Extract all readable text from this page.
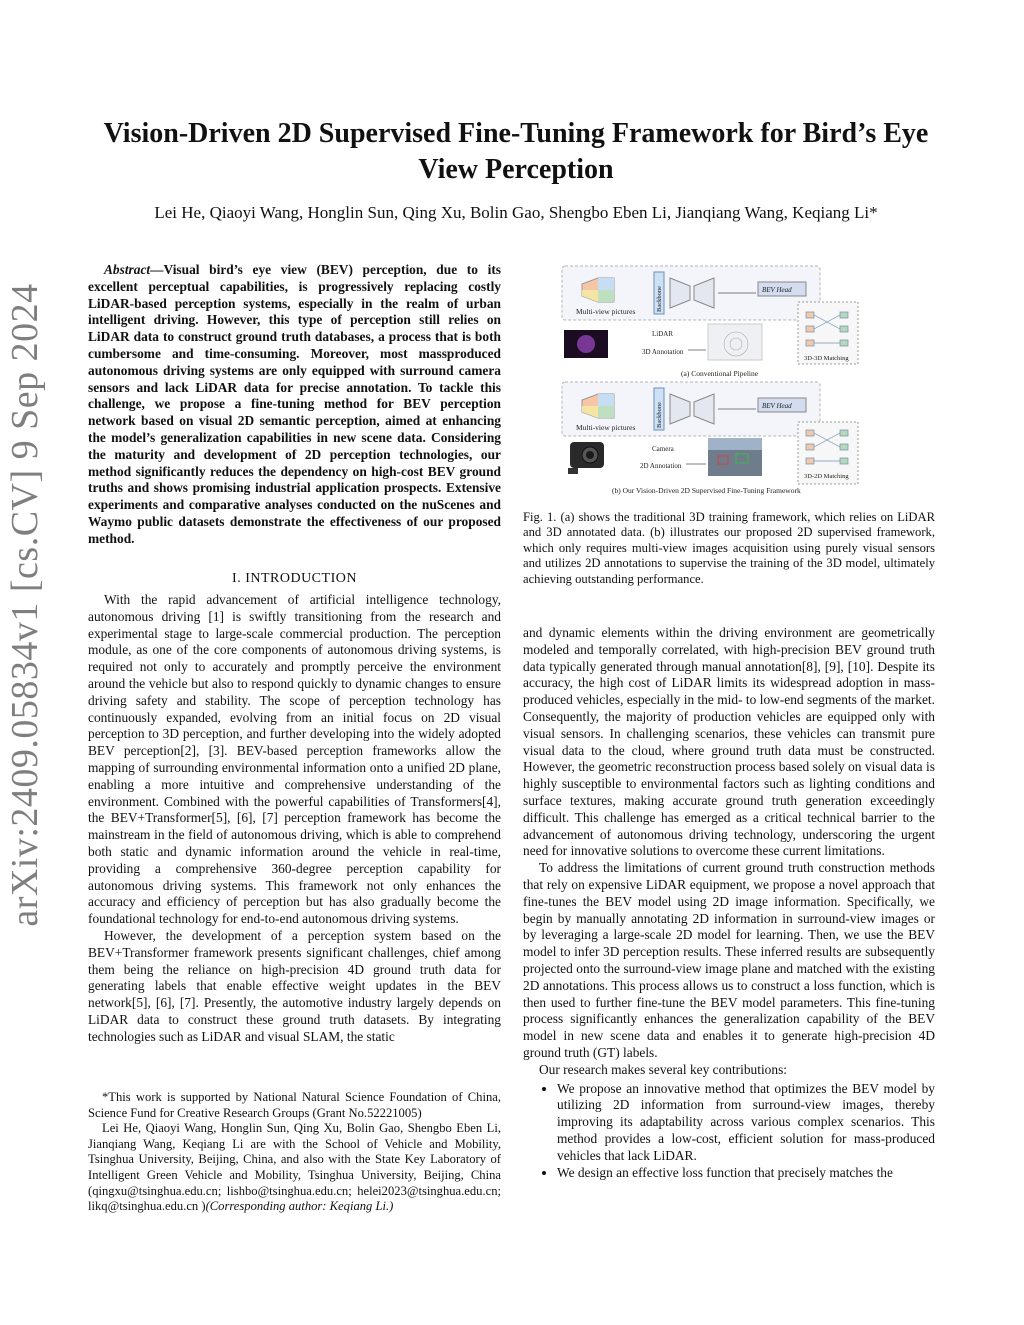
arXiv:2409.05834v1 [cs.CV] 9 Sep 2024
Vision-Driven 2D Supervised Fine-Tuning Framework for Bird’s Eye View Perception
Lei He, Qiaoyi Wang, Honglin Sun, Qing Xu, Bolin Gao, Shengbo Eben Li, Jianqiang Wang, Keqiang Li*

Abstract—Visual bird’s eye view (BEV) perception, due to its excellent perceptual capabilities, is progressively replacing costly LiDAR-based perception systems, especially in the realm of urban intelligent driving. However, this type of perception still relies on LiDAR data to construct ground truth databases, a process that is both cumbersome and time-consuming. Moreover, most massproduced autonomous driving systems are only equipped with surround camera sensors and lack LiDAR data for precise annotation. To tackle this challenge, we propose a fine-tuning method for BEV perception network based on visual 2D semantic perception, aimed at enhancing the model’s generalization capabilities in new scene data. Considering the maturity and development of 2D perception technologies, our method significantly reduces the dependency on high-cost BEV ground truths and shows promising industrial application prospects. Extensive experiments and comparative analyses conducted on the nuScenes and Waymo public datasets demonstrate the effectiveness of our proposed method.

I. INTRODUCTION

With the rapid advancement of artificial intelligence technology, autonomous driving [1] is swiftly transitioning from the research and experimental stage to large-scale commercial production. The perception module, as one of the core components of autonomous driving systems, is required not only to accurately and promptly perceive the environment around the vehicle but also to respond quickly to dynamic changes to ensure driving safety and stability. The scope of perception technology has continuously expanded, evolving from an initial focus on 2D visual perception to 3D perception, and further developing into the widely adopted BEV perception[2], [3]. BEV-based perception frameworks allow the mapping of surrounding environmental information onto a unified 2D plane, enabling a more intuitive and comprehensive understanding of the environment. Combined with the powerful capabilities of Transformers[4], the BEV+Transformer[5], [6], [7] perception framework has become the mainstream in the field of autonomous driving, which is able to comprehend both static and dynamic information around the vehicle in real-time, providing a comprehensive 360-degree perception capability for autonomous driving systems. This framework not only enhances the accuracy and efficiency of perception but has also gradually become the foundational technology for end-to-end autonomous driving systems.

However, the development of a perception system based on the BEV+Transformer framework presents significant challenges, chief among them being the reliance on high-precision 4D ground truth data for generating labels that enable effective weight updates in the BEV network[5], [6], [7]. Presently, the automotive industry largely depends on LiDAR data to construct these ground truth datasets. By integrating technologies such as LiDAR and visual SLAM, the static

*This work is supported by National Natural Science Foundation of China, Science Fund for Creative Research Groups (Grant No.52221005)

Lei He, Qiaoyi Wang, Honglin Sun, Qing Xu, Bolin Gao, Shengbo Eben Li, Jianqiang Wang, Keqiang Li are with the School of Vehicle and Mobility, Tsinghua University, Beijing, China, and also with the State Key Laboratory of Intelligent Green Vehicle and Mobility, Tsinghua University, Beijing, China (qingxu@tsinghua.edu.cn; lishbo@tsinghua.edu.cn; helei2023@tsinghua.edu.cn; likq@tsinghua.edu.cn )(Corresponding author: Keqiang Li.)

Multi-view pictures	Backbone	BEV Head
LiDAR
3D Annotation
3D-3D Matching
(a) Conventional Pipeline
Multi-view pictures	Backbone	BEV Head
Camera
2D Annotation
3D-2D Matching
(b) Our Vision-Driven 2D Supervised Fine-Tuning Framework
Fig. 1. (a) shows the traditional 3D training framework, which relies on LiDAR and 3D annotated data. (b) illustrates our proposed 2D supervised framework, which only requires multi-view images acquisition using purely visual sensors and utilizes 2D annotations to supervise the training of the 3D model, ultimately achieving outstanding performance.

and dynamic elements within the driving environment are geometrically modeled and temporally correlated, with high-precision BEV ground truth data typically generated through manual annotation[8], [9], [10]. Despite its accuracy, the high cost of LiDAR limits its widespread adoption in mass-produced vehicles, especially in the mid- to low-end segments of the market. Consequently, the majority of production vehicles are equipped only with visual sensors. In challenging scenarios, these vehicles can transmit pure visual data to the cloud, where ground truth data must be constructed. However, the geometric reconstruction process based solely on visual data is highly susceptible to environmental factors such as lighting conditions and surface textures, making accurate ground truth generation exceedingly difficult. This challenge has emerged as a critical technical barrier to the advancement of autonomous driving technology, underscoring the urgent need for innovative solutions to overcome these current limitations.

To address the limitations of current ground truth construction methods that rely on expensive LiDAR equipment, we propose a novel approach that fine-tunes the BEV model using 2D image information. Specifically, we begin by manually annotating 2D information in surround-view images or by leveraging a large-scale 2D model for learning. Then, we use the BEV model to infer 3D perception results. These inferred results are subsequently projected onto the surround-view image plane and matched with the existing 2D annotations. This process allows us to construct a loss function, which is then used to further fine-tune the BEV model parameters. This fine-tuning process significantly enhances the generalization capability of the BEV model in new scene data and enables it to generate high-precision 4D ground truth (GT) labels.

Our research makes several key contributions:

• We propose an innovative method that optimizes the BEV model by utilizing 2D information from surround-view images, thereby improving its adaptability across various complex scenarios. This method provides a low-cost, efficient solution for mass-produced vehicles that lack LiDAR.
• We design an effective loss function that precisely matches the
